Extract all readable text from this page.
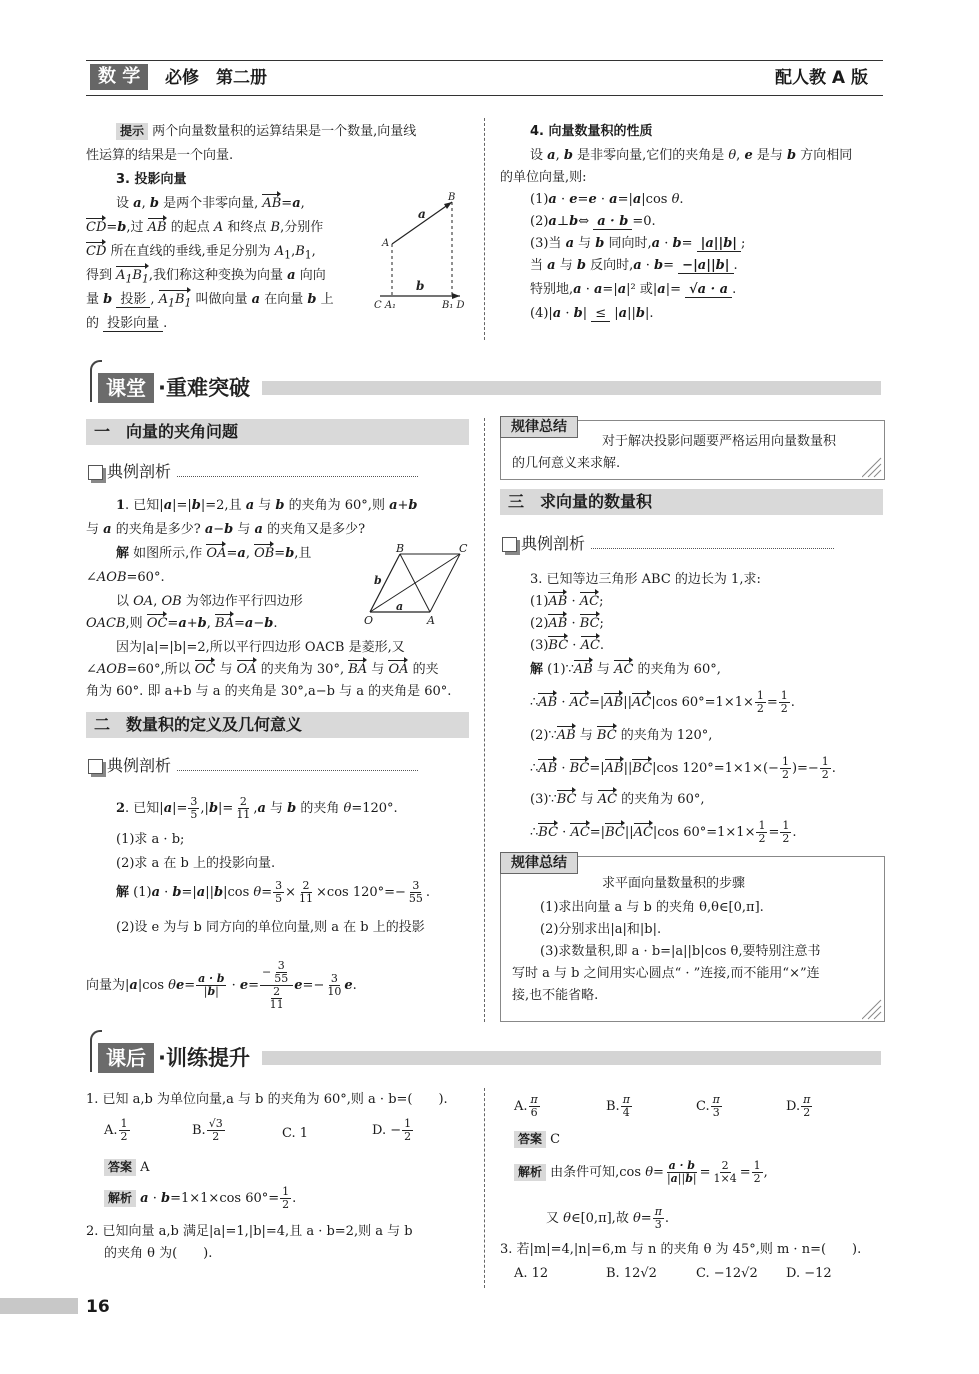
数 学	必修　第二册	配人教 A 版
提示 两个向量数量积的运算结果是一个数量,向量线
性运算的结果是一个向量.
3. 投影向量
设 a, b 是两个非零向量, AB=a,
CD=b,过 AB 的起点 A 和终点 B,分别作
CD 所在直线的垂线,垂足分别为 $A_1,B_1$,
得到 $A_1B_1$,我们称这种变换为向量 a 向向
量 b 投影 , $A_1B_1$ 叫做向量 a 在向量 b 上
的 投影向量 .
a
b
A
B
C A₁	B₁ D
4. 向量数量积的性质
设 a, b 是非零向量,它们的夹角是 θ, e 是与 b 方向相同
的单位向量,则:
(1)a · e=e · a=|a|cos θ.
(2)a⊥b⇔ a · b =0.
(3)当 a 与 b 同向时,a · b= |a||b| ;
当 a 与 b 反向时,a · b= −|a||b| .
特别地,a · a=|a|² 或|a|= √a · a .
(4)|a · b| ≤ |a||b|.
课堂 ·重难突破
一　向量的夹角问题
典例剖析
1. 已知|a|=|b|=2,且 a 与 b 的夹角为 60°,则 a+b
与 a 的夹角是多少? a−b 与 a 的夹角又是多少?
解 如图所示,作 OA=a, OB=b,且
∠AOB=60°.
以 OA, OB 为邻边作平行四边形
OACB,则 OC=a+b, BA=a−b.
因为|a|=|b|=2,所以平行四边形 OACB 是菱形,又
∠AOB=60°,所以 OC 与 OA 的夹角为 30°, BA 与 OA 的夹
角为 60°. 即 a+b 与 a 的夹角是 30°,a−b 与 a 的夹角是 60°.
O	A
B	C
a
b
二　数量积的定义及几何意义
典例剖析
2. 已知$|a|= \frac{3}{5} ,|b|= \frac{2}{11} ,a$ 与 b 的夹角 θ=120°.
(1)求 a · b;
(2)求 a 在 b 上的投影向量.
解 (1)a · b=|a||b|cos $\theta= \frac{3}{5} \times \frac{2}{11} \times\cos$ $120^\circ=- \frac{3}{55}$ .
(2)设 e 为与 b 同方向的单位向量,则 a 在 b 上的投影
向量为|a|cos $\theta e= \frac{a \cdot b}{|b|} \cdot e= \frac{- \frac{3}{55}}{\frac{2}{11}} e=- \frac{3}{10} e$.
规律总结
对于解决投影问题要严格运用向量数量积
的几何意义来求解.
三　求向量的数量积
典例剖析
3. 已知等边三角形 ABC 的边长为 1,求:
(1)AB · AC;
(2)AB · BC;
(3)BC · AC.
解 (1)∵AB 与 AC 的夹角为 60°,
∴AB · AC=|AB||AC|cos $60^\circ=1\times 1\times \frac{1}{2} = \frac{1}{2}$ .
(2)∵AB 与 BC 的夹角为 120°,
∴AB · BC=|AB||BC|cos $120^\circ=1\times 1\times(- \frac{1}{2}$ )=− $\frac{1}{2}$ .
(3)∵BC 与 AC 的夹角为 60°,
∴BC · AC=|BC||AC|cos $60^\circ=1\times 1\times \frac{1}{2} = \frac{1}{2}$ .
规律总结
求平面向量数量积的步骤
(1)求出向量 a 与 b 的夹角 θ,θ∈[0,π].
(2)分别求出|a|和|b|.
(3)求数量积,即 a · b=|a||b|cos θ,要特别注意书
写时 a 与 b 之间用实心圆点“ · ”连接,而不能用“×”连
接,也不能省略.
课后 ·训练提升
1. 已知 a,b 为单位向量,a 与 b 的夹角为 60°,则 a · b=(　　).
A. $\frac{1}{2}$	B. $\frac{√3}{2}$	C. 1	D. − $\frac{1}{2}$
答案 A
解析 a · b=1×1×cos $60^\circ= \frac{1}{2}$ .
2. 已知向量 a,b 满足|a|=1,|b|=4,且 a · b=2,则 a 与 b
的夹角 θ 为(　　).
A. $\frac{\pi}{6}$	B. $\frac{\pi}{4}$	C. $\frac{\pi}{3}$	D. $\frac{\pi}{2}$
答案 C
解析 由条件可知,cos $\theta= \frac{a \cdot b}{|a||b|} = \frac{2}{1\times 4} = \frac{1}{2}$ ,
又 θ∈[0,π],故 $\theta= \frac{\pi}{3}$ .
3. 若|m|=4,|n|=6,m 与 n 的夹角 θ 为 45°,则 m · n=(　　).
A. 12	B. 12√2	C. −12√2 D. −12
16
